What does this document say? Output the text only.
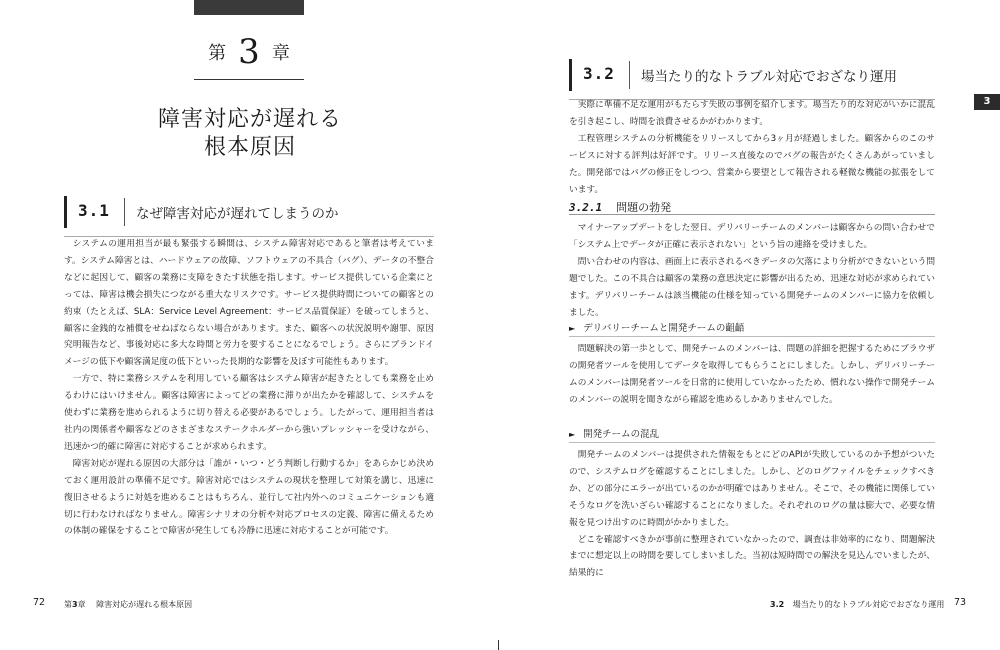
第 3 章
障害対応が遅れる
根本原因
3.1 なぜ障害対応が遅れてしまうのか

システムの運用担当が最も緊張する瞬間は、システム障害対応であると筆者は考えています。システム障害とは、ハードウェアの故障、ソフトウェアの不具合（バグ）、データの不整合などに起因して、顧客の業務に支障をきたす状態を指します。サービス提供している企業にとっては、障害は機会損失につながる重大なリスクです。サービス提供時間についての顧客との約束（たとえば、SLA：Service Level Agreement：サービス品質保証）を破ってしまうと、顧客に金銭的な補償をせねばならない場合があります。また、顧客への状況説明や謝罪、原因究明報告など、事後対応に多大な時間と労力を要することになるでしょう。さらにブランドイメージの低下や顧客満足度の低下といった長期的な影響を及ぼす可能性もあります。

一方で、特に業務システムを利用している顧客はシステム障害が起きたとしても業務を止めるわけにはいけません。顧客は障害によってどの業務に滞りが出たかを確認して、システムを使わずに業務を進められるように切り替える必要があるでしょう。したがって、運用担当者は社内の関係者や顧客などのさまざまなステークホルダーから強いプレッシャーを受けながら、迅速かつ的確に障害に対応することが求められます。

障害対応が遅れる原因の大部分は「誰が・いつ・どう判断し行動するか」をあらかじめ決めておく運用設計の準備不足です。障害対応ではシステムの現状を整理して対策を講じ、迅速に復旧させるように対処を進めることはもちろん、並行して社内外へのコミュニケーションも適切に行わなければなりません。障害シナリオの分析や対応プロセスの定義、障害に備えるための体制の確保をすることで障害が発生しても冷静に迅速に対応することが可能です。

72 第3章 障害対応が遅れる根本原因
3.2 場当たり的なトラブル対応でおざなり運用

実際に準備不足な運用がもたらす失敗の事例を紹介します。場当たり的な対応がいかに混乱を引き起こし、時間を浪費させるかがわかります。

工程管理システムの分析機能をリリースしてから3ヶ月が経過しました。顧客からのこのサービスに対する評判は好評です。リリース直後なのでバグの報告がたくさんあがっていました。開発部ではバグの修正をしつつ、営業から要望として報告される軽微な機能の拡張をしています。

3.2.1 問題の勃発

マイナーアップデートをした翌日、デリバリーチームのメンバーは顧客からの問い合わせで「システム上でデータが正確に表示されない」という旨の連絡を受けました。

問い合わせの内容は、画面上に表示されるべきデータの欠落により分析ができないという問題でした。この不具合は顧客の業務の意思決定に影響が出るため、迅速な対応が求められています。デリバリーチームは該当機能の仕様を知っている開発チームのメンバーに協力を依頼しました。

► デリバリーチームと開発チームの齟齬

問題解決の第一歩として、開発チームのメンバーは、問題の詳細を把握するためにブラウザの開発者ツールを使用してデータを取得してもらうことにしました。しかし、デリバリーチームのメンバーは開発者ツールを日常的に使用していなかったため、慣れない操作で開発チームのメンバーの説明を聞きながら確認を進めるしかありませんでした。

► 開発チームの混乱

開発チームのメンバーは提供された情報をもとにどのAPIが失敗しているのか予想がついたので、システムログを確認することにしました。しかし、どのログファイルをチェックすべきか、どの部分にエラーが出ているのかが明確ではありません。そこで、その機能に関係していそうなログを洗いざらい確認することになりました。それぞれのログの量は膨大で、必要な情報を見つけ出すのに時間がかかりました。

どこを確認すべきかが事前に整理されていなかったので、調査は非効率的になり、問題解決までに想定以上の時間を要してしまいました。当初は短時間での解決を見込んでいましたが、結果的に

3.2 場当たり的なトラブル対応でおざなり運用 73
3
